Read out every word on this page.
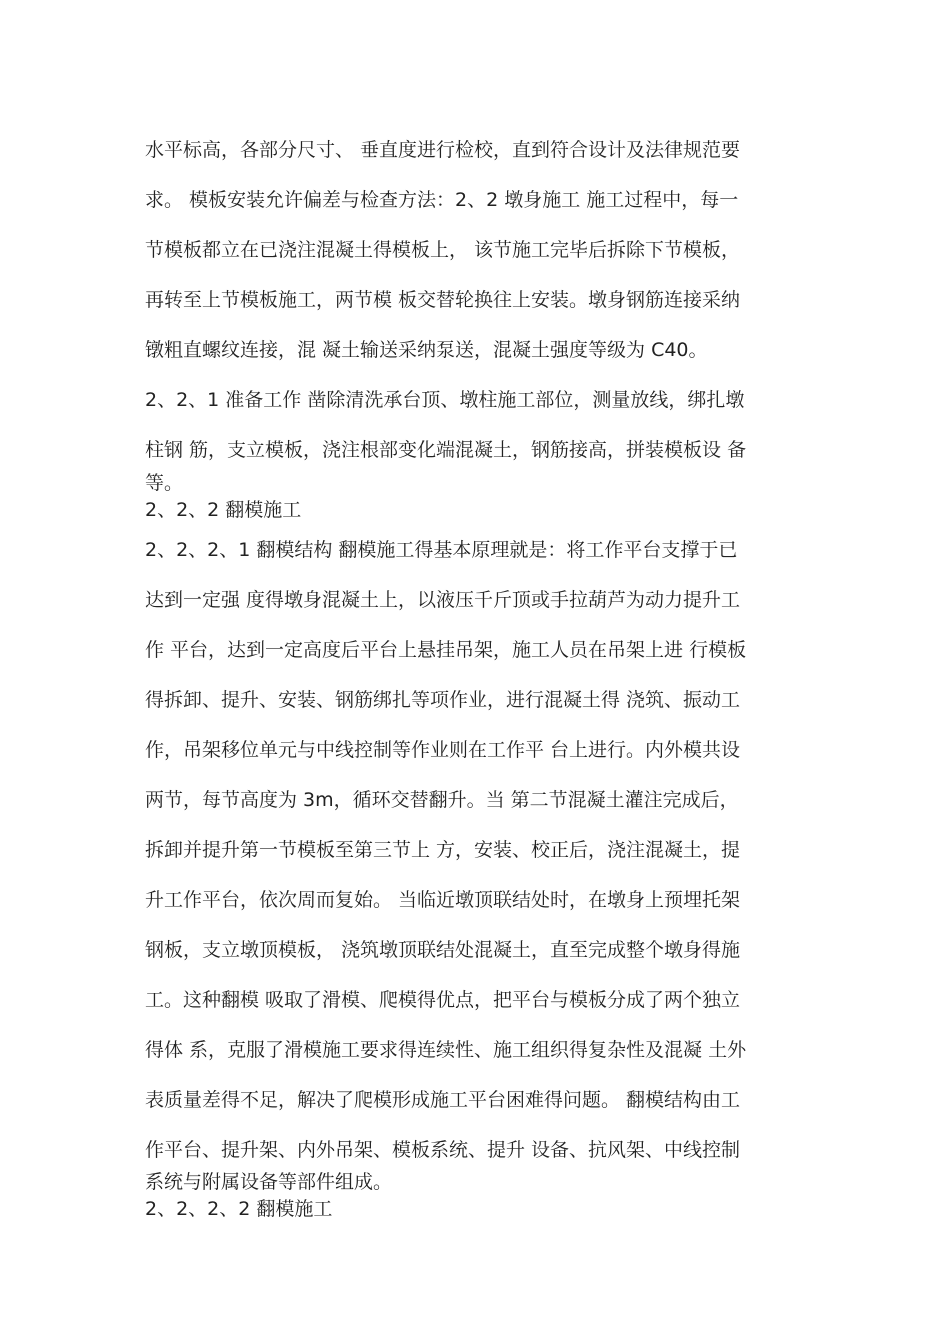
水平标高，各部分尺寸、 垂直度进行检校，直到符合设计及法律规范要
求。 模板安装允许偏差与检查方法：2、2 墩身施工 施工过程中，每一
节模板都立在已浇注混凝土得模板上， 该节施工完毕后拆除下节模板，
再转至上节模板施工，两节模 板交替轮换往上安装。墩身钢筋连接采纳
镦粗直螺纹连接，混 凝土输送采纳泵送，混凝土强度等级为 C40。
2、2、1 准备工作 凿除清洗承台顶、墩柱施工部位，测量放线，绑扎墩
柱钢 筋，支立模板，浇注根部变化端混凝土，钢筋接高，拼装模板设 备
等。
2、2、2 翻模施工
2、2、2、1 翻模结构 翻模施工得基本原理就是：将工作平台支撑于已
达到一定强 度得墩身混凝土上，以液压千斤顶或手拉葫芦为动力提升工
作 平台，达到一定高度后平台上悬挂吊架，施工人员在吊架上进 行模板
得拆卸、提升、安装、钢筋绑扎等项作业，进行混凝土得 浇筑、振动工
作，吊架移位单元与中线控制等作业则在工作平 台上进行。内外模共设
两节，每节高度为 3m，循环交替翻升。当 第二节混凝土灌注完成后，
拆卸并提升第一节模板至第三节上 方，安装、校正后，浇注混凝土，提
升工作平台，依次周而复始。 当临近墩顶联结处时，在墩身上预埋托架
钢板，支立墩顶模板， 浇筑墩顶联结处混凝土，直至完成整个墩身得施
工。这种翻模 吸取了滑模、爬模得优点，把平台与模板分成了两个独立
得体 系，克服了滑模施工要求得连续性、施工组织得复杂性及混凝 土外
表质量差得不足，解决了爬模形成施工平台困难得问题。 翻模结构由工
作平台、提升架、内外吊架、模板系统、提升 设备、抗风架、中线控制
系统与附属设备等部件组成。
2、2、2、2 翻模施工
